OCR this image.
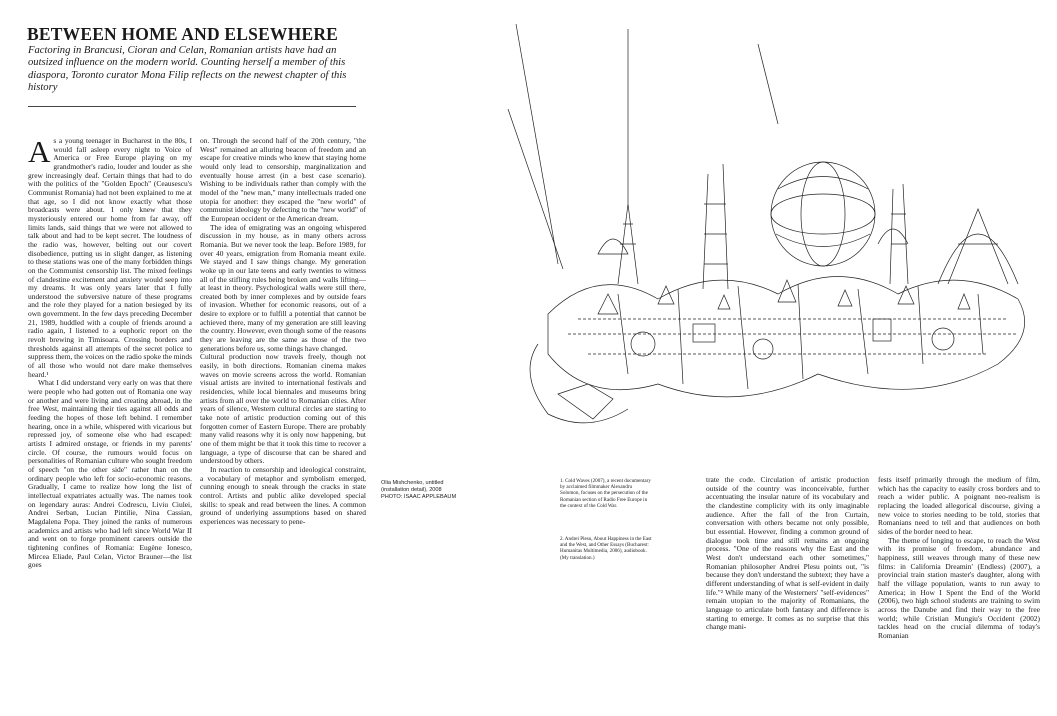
BETWEEN HOME AND ELSEWHERE

Factoring in Brancusi, Cioran and Celan, Romanian artists have had an outsized influence on the modern world. Counting herself a member of this diaspora, Toronto curator Mona Filip reflects on the newest chapter of this history

As a young teenager in Bucharest in the 80s, I would fall asleep every night to Voice of America or Free Europe playing on my grandmother's radio, louder and louder as she grew increasingly deaf. Certain things that had to do with the politics of the "Golden Epoch" (Ceausescu's Communist Romania) had not been explained to me at that age, so I did not know exactly what those broadcasts were about. I only knew that they mysteriously entered our home from far away, off limits lands, said things that we were not allowed to talk about and had to be kept secret. The loudness of the radio was, however, belting out our covert disobedience, putting us in slight danger, as listening to these stations was one of the many forbidden things on the Communist censorship list. The mixed feelings of clandestine excitement and anxiety would seep into my dreams. It was only years later that I fully understood the subversive nature of these programs and the role they played for a nation besieged by its own government. In the few days preceding December 21, 1989, huddled with a couple of friends around a radio again, I listened to a euphoric report on the revolt brewing in Timisoara. Crossing borders and thresholds against all attempts of the secret police to suppress them, the voices on the radio spoke the minds of all those who would not dare make themselves heard.¹

What I did understand very early on was that there were people who had gotten out of Romania one way or another and were living and creating abroad, in the free West, maintaining their ties against all odds and feeding the hopes of those left behind. I remember hearing, once in a while, whispered with vicarious but repressed joy, of someone else who had escaped: artists I admired onstage, or friends in my parents' circle. Of course, the rumours would focus on personalities of Romanian culture who sought freedom of speech "on the other side" rather than on the ordinary people who left for socio-economic reasons. Gradually, I came to realize how long the list of intellectual expatriates actually was. The names took on legendary auras: Andrei Codrescu, Liviu Ciulei, Andrei Serban, Lucian Pintilie, Nina Cassian, Magdalena Popa. They joined the ranks of numerous academics and artists who had left since World War II and went on to forge prominent careers outside the tightening confines of Romania: Eugène Ionesco, Mircea Eliade, Paul Celan, Victor Brauner—the list goes

on. Through the second half of the 20th century, "the West" remained an alluring beacon of freedom and an escape for creative minds who knew that staying home would only lead to censorship, marginalization and eventually house arrest (in a best case scenario). Wishing to be individuals rather than comply with the model of the "new man," many intellectuals traded one utopia for another: they escaped the "new world" of communist ideology by defecting to the "new world" of the European occident or the American dream.

The idea of emigrating was an ongoing whispered discussion in my house, as in many others across Romania. But we never took the leap. Before 1989, for over 40 years, emigration from Romania meant exile. We stayed and I saw things change. My generation woke up in our late teens and early twenties to witness all of the stifling rules being broken and walls lifting—at least in theory. Psychological walls were still there, created both by inner complexes and by outside fears of invasion. Whether for economic reasons, out of a desire to explore or to fulfill a potential that cannot be achieved there, many of my generation are still leaving the country. However, even though some of the reasons they are leaving are the same as those of the two generations before us, some things have changed.

Cultural production now travels freely, though not easily, in both directions. Romanian cinema makes waves on movie screens across the world. Romanian visual artists are invited to international festivals and residencies, while local biennales and museums bring artists from all over the world to Romanian cities. After years of silence, Western cultural circles are starting to take note of artistic production coming out of this forgotten corner of Eastern Europe. There are probably many valid reasons why it is only now happening, but one of them might be that it took this time to recover a language, a type of discourse that can be shared and understood by others.

In reaction to censorship and ideological constraint, a vocabulary of metaphor and symbolism emerged, cunning enough to sneak through the cracks in state control. Artists and public alike developed special skills: to speak and read between the lines. A common ground of underlying assumptions based on shared experiences was necessary to pene-

Olia Mishchenko, untitled
(installation detail), 2008
PHOTO: ISAAC APPLEBAUM

1. Cold Waves (2007), a recent documentary by acclaimed filmmaker Alexandru Solomon, focuses on the persecution of the Romanian section of Radio Free Europe in the context of the Cold War.

2. Andrei Plesu, About Happiness in the East and the West, and Other Essays (Bucharest: Humanitas Multimedia, 2006), audiobook. (My translation.)

trate the code. Circulation of artistic production outside of the country was inconceivable, further accentuating the insular nature of its vocabulary and the clandestine complicity with its only imaginable audience. After the fall of the Iron Curtain, conversation with others became not only possible, but essential. However, finding a common ground of dialogue took time and still remains an ongoing process. "One of the reasons why the East and the West don't understand each other sometimes," Romanian philosopher Andrei Plesu points out, "is because they don't understand the subtext; they have a different understanding of what is self-evident in daily life."² While many of the Westerners' "self-evidences" remain utopian to the majority of Romanians, the language to articulate both fantasy and difference is starting to emerge. It comes as no surprise that this change mani-

fests itself primarily through the medium of film, which has the capacity to easily cross borders and to reach a wider public. A poignant neo-realism is replacing the loaded allegorical discourse, giving a new voice to stories needing to be told, stories that Romanians need to tell and that audiences on both sides of the border need to hear.

The theme of longing to escape, to reach the West with its promise of freedom, abundance and happiness, still weaves through many of these new films: in California Dreamin' (Endless) (2007), a provincial train station master's daughter, along with half the village population, wants to run away to America; in How I Spent the End of the World (2006), two high school students are training to swim across the Danube and find their way to the free world; while Cristian Mungiu's Occident (2002) tackles head on the crucial dilemma of today's Romanian
